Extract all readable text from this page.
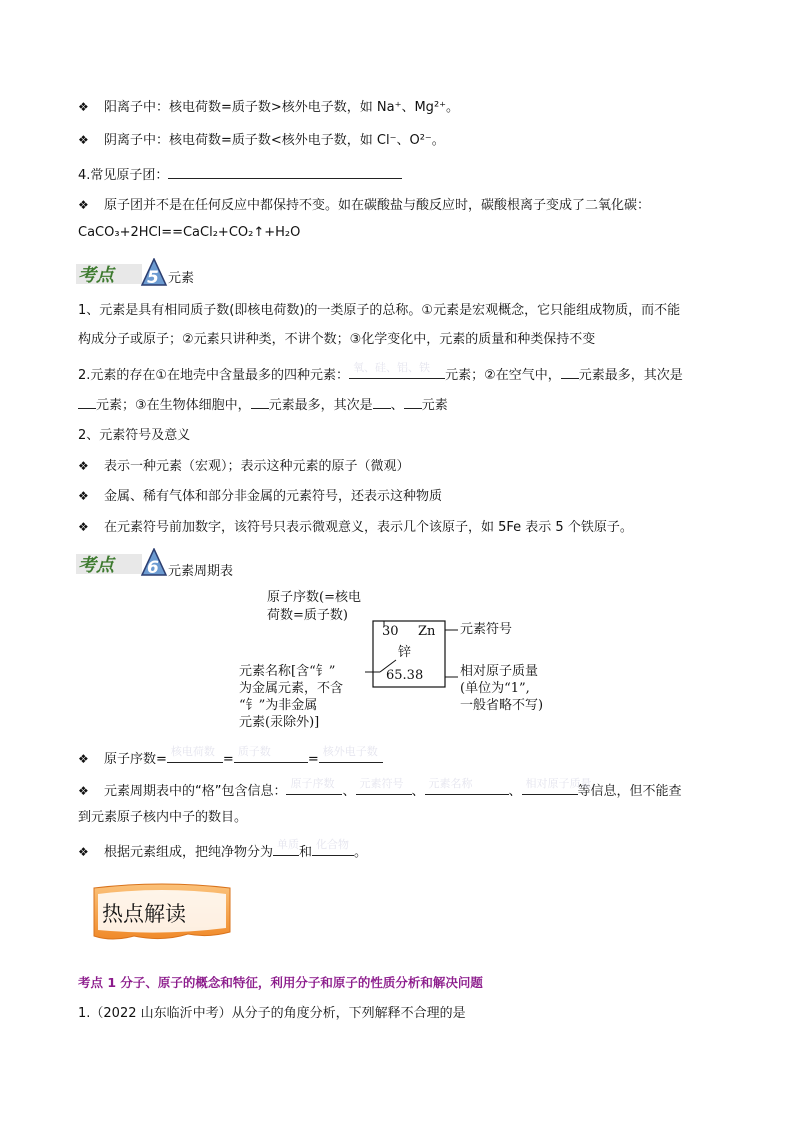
❖ 阳离子中：核电荷数=质子数>核外电子数，如 Na⁺、Mg²⁺。
❖ 阴离子中：核电荷数=质子数<核外电子数，如 Cl⁻、O²⁻。
4.常见原子团：
❖ 原子团并不是在任何反应中都保持不变。如在碳酸盐与酸反应时，碳酸根离子变成了二氧化碳：
CaCO₃+2HCl==CaCl₂+CO₂↑+H₂O
考点 5 元素
1、元素是具有相同质子数(即核电荷数)的一类原子的总称。①元素是宏观概念，它只能组成物质，而不能
构成分子或原子；②元素只讲种类，不讲个数；③化学变化中，元素的质量和种类保持不变
2.元素的存在①在地壳中含量最多的四种元素：
氧、硅、铝、铁
元素；②在空气中， 元素最多，其次是
元素；③在生物体细胞中， 元素最多，其次是 、 元素
2、元素符号及意义
❖ 表示一种元素（宏观）；表示这种元素的原子（微观）
❖ 金属、稀有气体和部分非金属的元素符号，还表示这种物质
❖ 在元素符号前加数字，该符号只表示微观意义，表示几个该原子，如 5Fe 表示 5 个铁原子。
考点 6 元素周期表
原子序数(=核电
荷数=质子数)
30 Zn
锌
65.38
元素符号
相对原子质量
(单位为“1”,
一般省略不写)
元素名称[含“钅”
为金属元素，不含
“钅”为非金属
元素(汞除外)]
❖ 原子序数=
核电荷数
=
质子数
=
核外电子数
❖ 元素周期表中的“格”包含信息：
原子序数
、
元素符号
、
元素名称
、
相对原子质量
等信息，但不能查
到元素原子核内中子的数目。
❖ 根据元素组成，把纯净物分为
单质
和
化合物
。
热点解读
考点 1 分子、原子的概念和特征，利用分子和原子的性质分析和解决问题
1.（2022 山东临沂中考）从分子的角度分析，下列解释不合理的是
